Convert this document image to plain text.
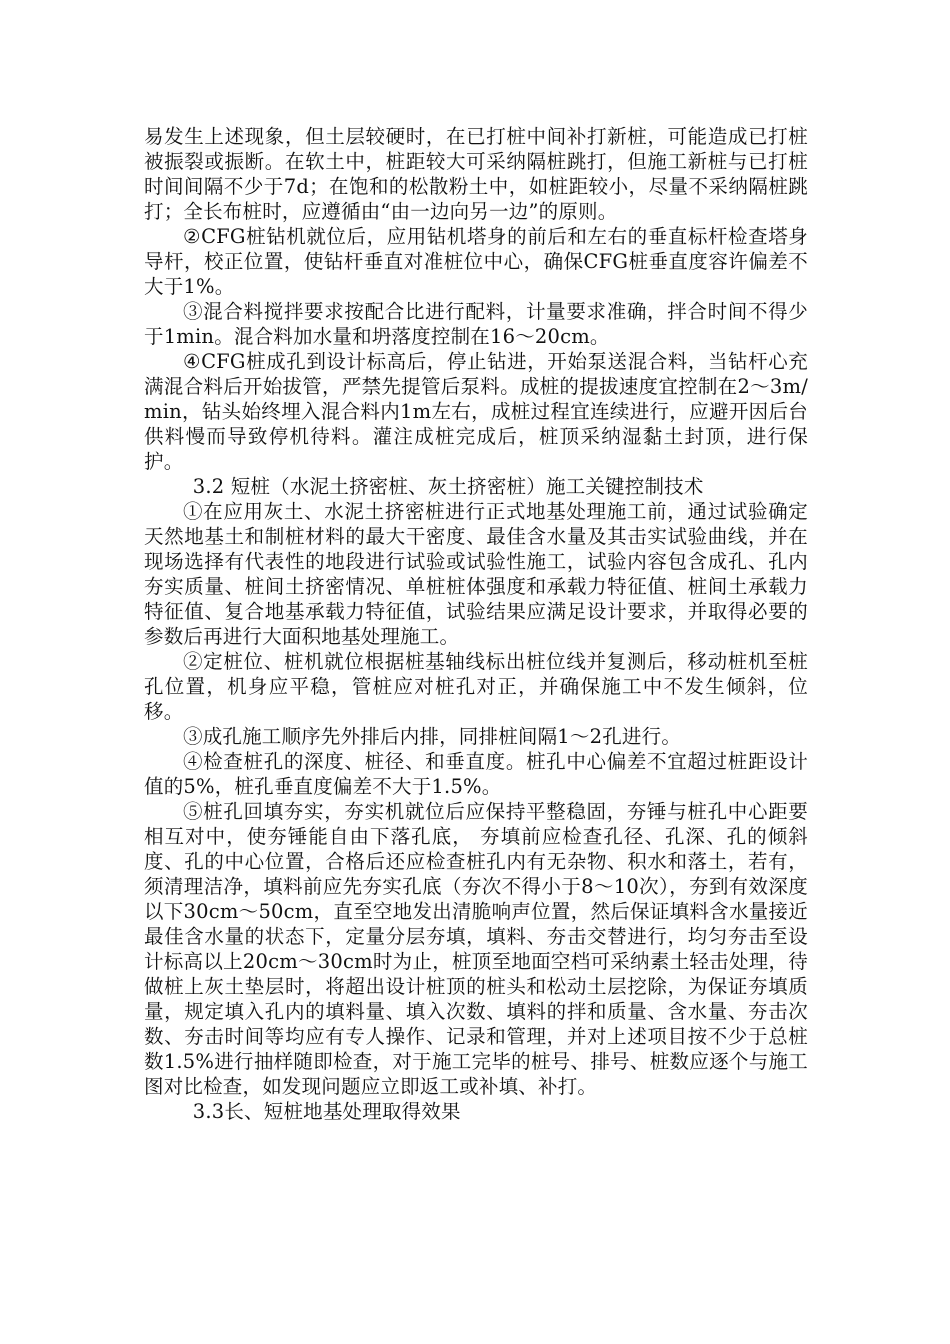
易发生上述现象，但土层较硬时，在已打桩中间补打新桩，可能造成已打桩被振裂或振断。在软土中，桩距较大可采纳隔桩跳打，但施工新桩与已打桩时间间隔不少于7d；在饱和的松散粉土中，如桩距较小，尽量不采纳隔桩跳打；全长布桩时，应遵循由“由一边向另一边”的原则。

②CFG桩钻机就位后，应用钻机塔身的前后和左右的垂直标杆检查塔身导杆，校正位置，使钻杆垂直对准桩位中心，确保CFG桩垂直度容许偏差不大于1%。

③混合料搅拌要求按配合比进行配料，计量要求准确，拌合时间不得少于1min。混合料加水量和坍落度控制在16～20cm。

④CFG桩成孔到设计标高后，停止钻进，开始泵送混合料，当钻杆心充满混合料后开始拔管，严禁先提管后泵料。成桩的提拔速度宜控制在2～3m/min，钻头始终埋入混合料内1m左右，成桩过程宜连续进行，应避开因后台供料慢而导致停机待料。灌注成桩完成后，桩顶采纳湿黏土封顶，进行保护。

3.2 短桩（水泥土挤密桩、灰土挤密桩）施工关键控制技术

①在应用灰土、水泥土挤密桩进行正式地基处理施工前，通过试验确定天然地基土和制桩材料的最大干密度、最佳含水量及其击实试验曲线，并在现场选择有代表性的地段进行试验或试验性施工，试验内容包含成孔、孔内夯实质量、桩间土挤密情况、单桩桩体强度和承载力特征值、桩间土承载力特征值、复合地基承载力特征值，试验结果应满足设计要求，并取得必要的参数后再进行大面积地基处理施工。

②定桩位、桩机就位根据桩基轴线标出桩位线并复测后，移动桩机至桩孔位置，机身应平稳，管桩应对桩孔对正，并确保施工中不发生倾斜，位移。

③成孔施工顺序先外排后内排，同排桩间隔1～2孔进行。

④检查桩孔的深度、桩径、和垂直度。桩孔中心偏差不宜超过桩距设计值的5%，桩孔垂直度偏差不大于1.5%。

⑤桩孔回填夯实，夯实机就位后应保持平整稳固，夯锤与桩孔中心距要相互对中，使夯锤能自由下落孔底， 夯填前应检查孔径、孔深、孔的倾斜度、孔的中心位置，合格后还应检查桩孔内有无杂物、积水和落土，若有，须清理洁净，填料前应先夯实孔底（夯次不得小于8～10次），夯到有效深度以下30cm～50cm，直至空地发出清脆响声位置，然后保证填料含水量接近最佳含水量的状态下，定量分层夯填，填料、夯击交替进行，均匀夯击至设计标高以上20cm～30cm时为止，桩顶至地面空档可采纳素土轻击处理，待做桩上灰土垫层时，将超出设计桩顶的桩头和松动土层挖除，为保证夯填质量，规定填入孔内的填料量、填入次数、填料的拌和质量、含水量、夯击次数、夯击时间等均应有专人操作、记录和管理，并对上述项目按不少于总桩数1.5%进行抽样随即检查，对于施工完毕的桩号、排号、桩数应逐个与施工图对比检查，如发现问题应立即返工或补填、补打。

3.3长、短桩地基处理取得效果
